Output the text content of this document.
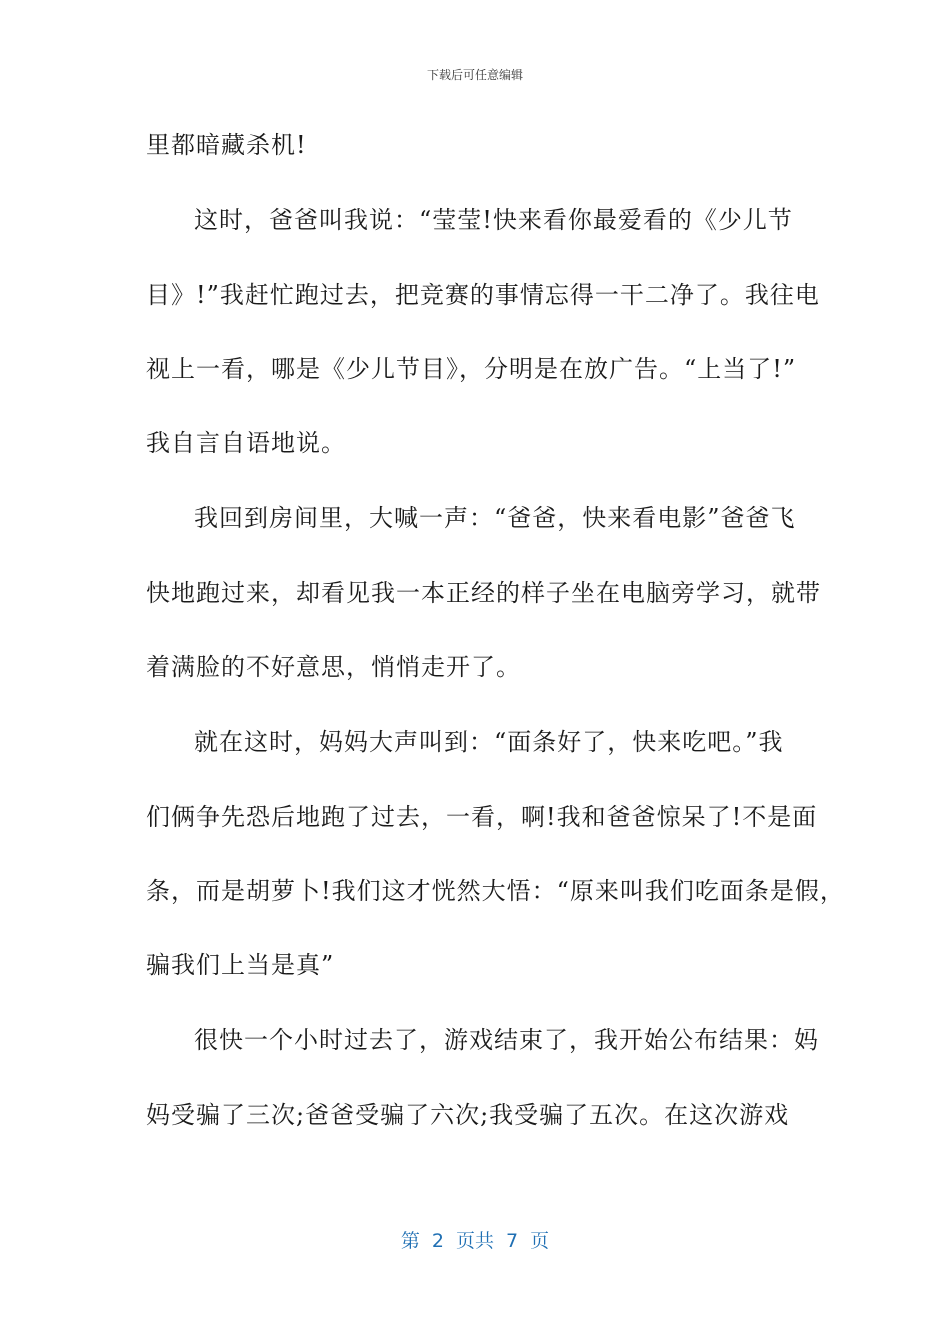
下载后可任意编辑
里都暗藏杀机!
这时，爸爸叫我说：“莹莹!快来看你最爱看的《少儿节
目》!”我赶忙跑过去，把竞赛的事情忘得一干二净了。我往电
视上一看，哪是《少儿节目》，分明是在放广告。“上当了!”
我自言自语地说。
我回到房间里，大喊一声：“爸爸，快来看电影”爸爸飞
快地跑过来，却看见我一本正经的样子坐在电脑旁学习，就带
着满脸的不好意思，悄悄走开了。
就在这时，妈妈大声叫到：“面条好了，快来吃吧。”我
们俩争先恐后地跑了过去，一看，啊!我和爸爸惊呆了!不是面
条，而是胡萝卜!我们这才恍然大悟：“原来叫我们吃面条是假，
骗我们上当是真”
很快一个小时过去了，游戏结束了，我开始公布结果：妈
妈受骗了三次;爸爸受骗了六次;我受骗了五次。在这次游戏
第 2 页共 7 页
